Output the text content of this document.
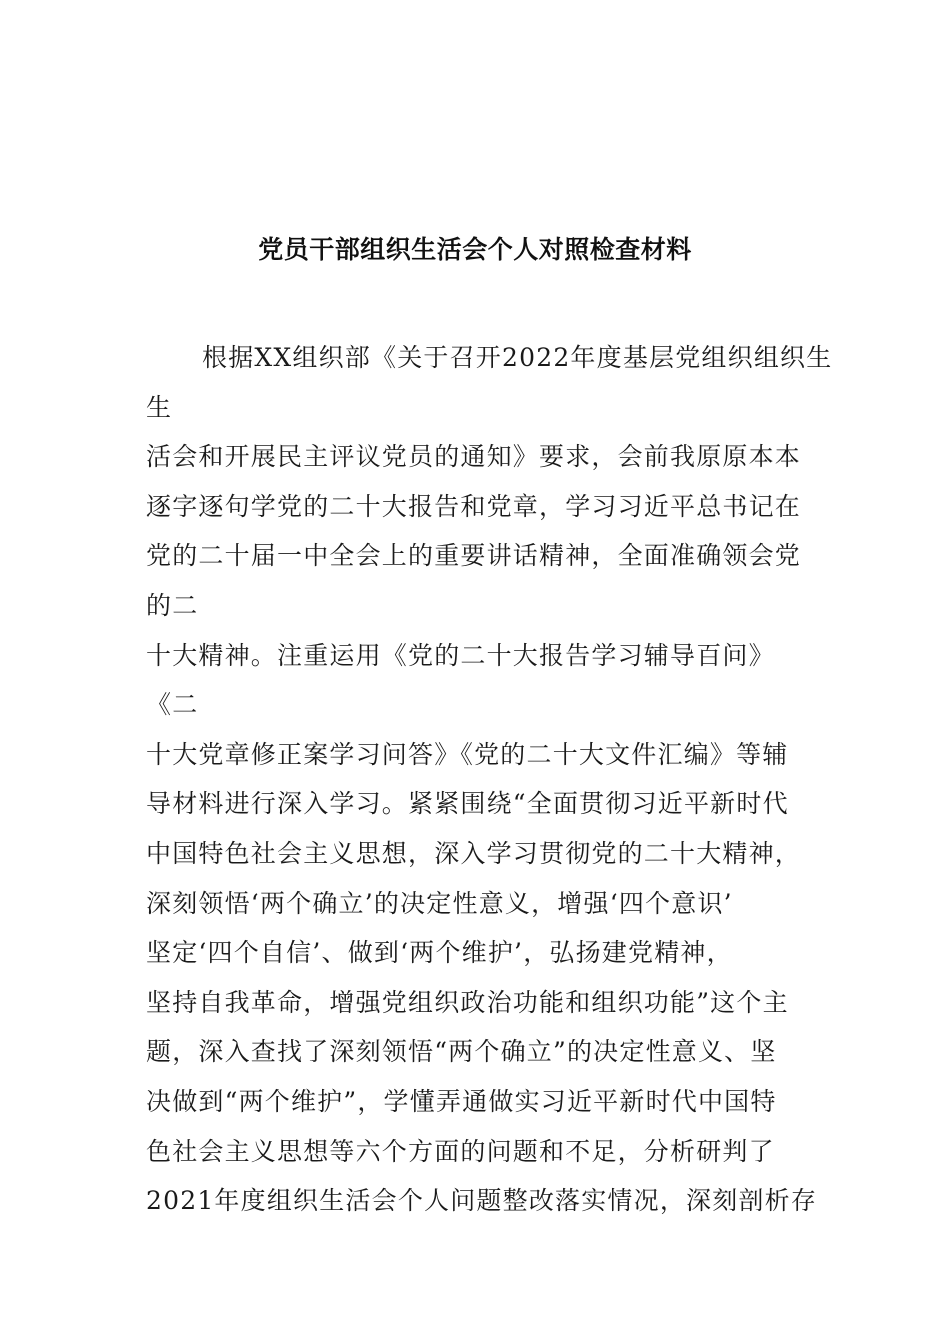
党员干部组织生活会个人对照检查材料
根据XX组织部《关于召开2022年度基层党组织组织生
生
活会和开展民主评议党员的通知》要求，会前我原原本本
逐字逐句学党的二十大报告和党章，学习习近平总书记在
党的二十届一中全会上的重要讲话精神，全面准确领会党
的二
十大精神。注重运用《党的二十大报告学习辅导百问》
《二
十大党章修正案学习问答》《党的二十大文件汇编》等辅
导材料进行深入学习。紧紧围绕“全面贯彻习近平新时代
中国特色社会主义思想，深入学习贯彻党的二十大精神，
深刻领悟‘两个确立’的决定性意义，增强‘四个意识’
坚定‘四个自信’、做到‘两个维护’，弘扬建党精神，
坚持自我革命，增强党组织政治功能和组织功能”这个主
题，深入查找了深刻领悟“两个确立”的决定性意义、坚
决做到“两个维护”，学懂弄通做实习近平新时代中国特
色社会主义思想等六个方面的问题和不足，分析研判了
2021年度组织生活会个人问题整改落实情况，深刻剖析存
